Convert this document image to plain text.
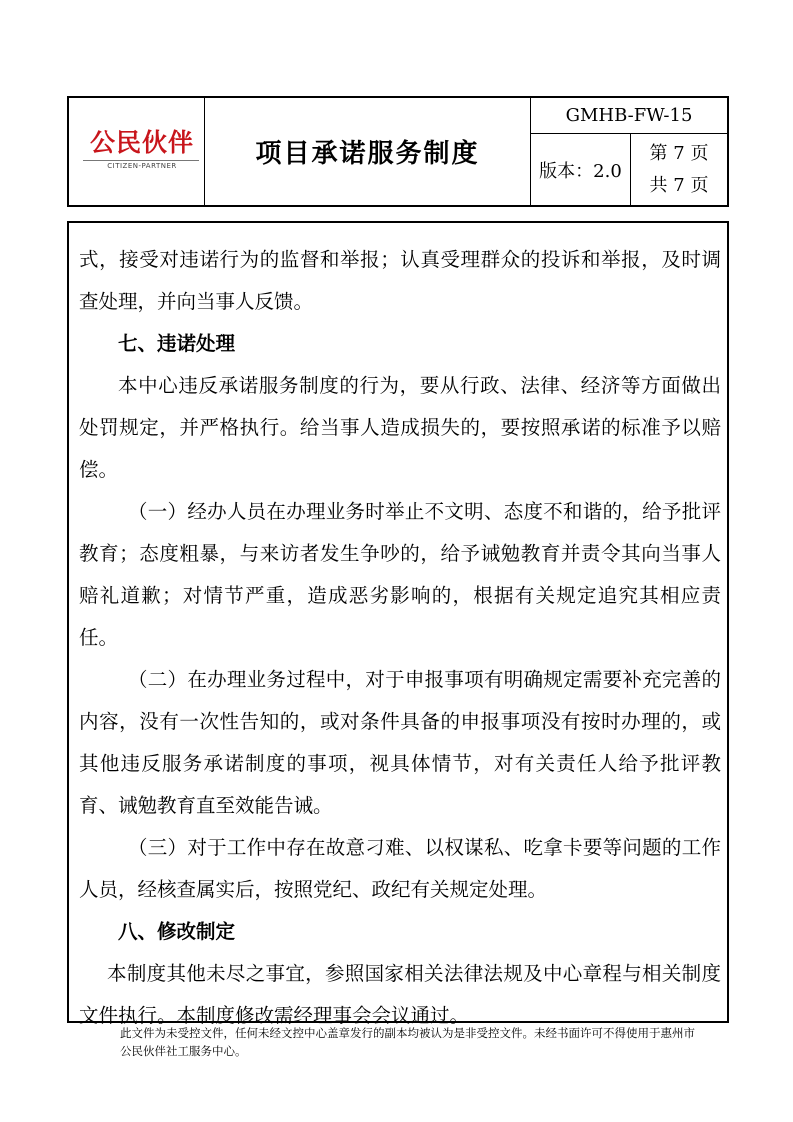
公民伙伴
CITIZEN-PARTNER	项目承诺服务制度
GMHB-FW-15
版本：2.0
第 7 页
共 7 页

式，接受对违诺行为的监督和举报；认真受理群众的投诉和举报，及时调查处理，并向当事人反馈。

七、违诺处理

本中心违反承诺服务制度的行为，要从行政、法律、经济等方面做出处罚规定，并严格执行。给当事人造成损失的，要按照承诺的标准予以赔偿。

（一）经办人员在办理业务时举止不文明、态度不和谐的，给予批评教育；态度粗暴，与来访者发生争吵的，给予诫勉教育并责令其向当事人赔礼道歉；对情节严重，造成恶劣影响的，根据有关规定追究其相应责任。

（二）在办理业务过程中，对于申报事项有明确规定需要补充完善的内容，没有一次性告知的，或对条件具备的申报事项没有按时办理的，或其他违反服务承诺制度的事项，视具体情节，对有关责任人给予批评教育、诫勉教育直至效能告诫。

（三）对于工作中存在故意刁难、以权谋私、吃拿卡要等问题的工作人员，经核查属实后，按照党纪、政纪有关规定处理。

八、修改制定

本制度其他未尽之事宜，参照国家相关法律法规及中心章程与相关制度文件执行。本制度修改需经理事会会议通过。

此文件为未受控文件，任何未经文控中心盖章发行的副本均被认为是非受控文件。未经书面许可不得使用于惠州市公民伙伴社工服务中心。
